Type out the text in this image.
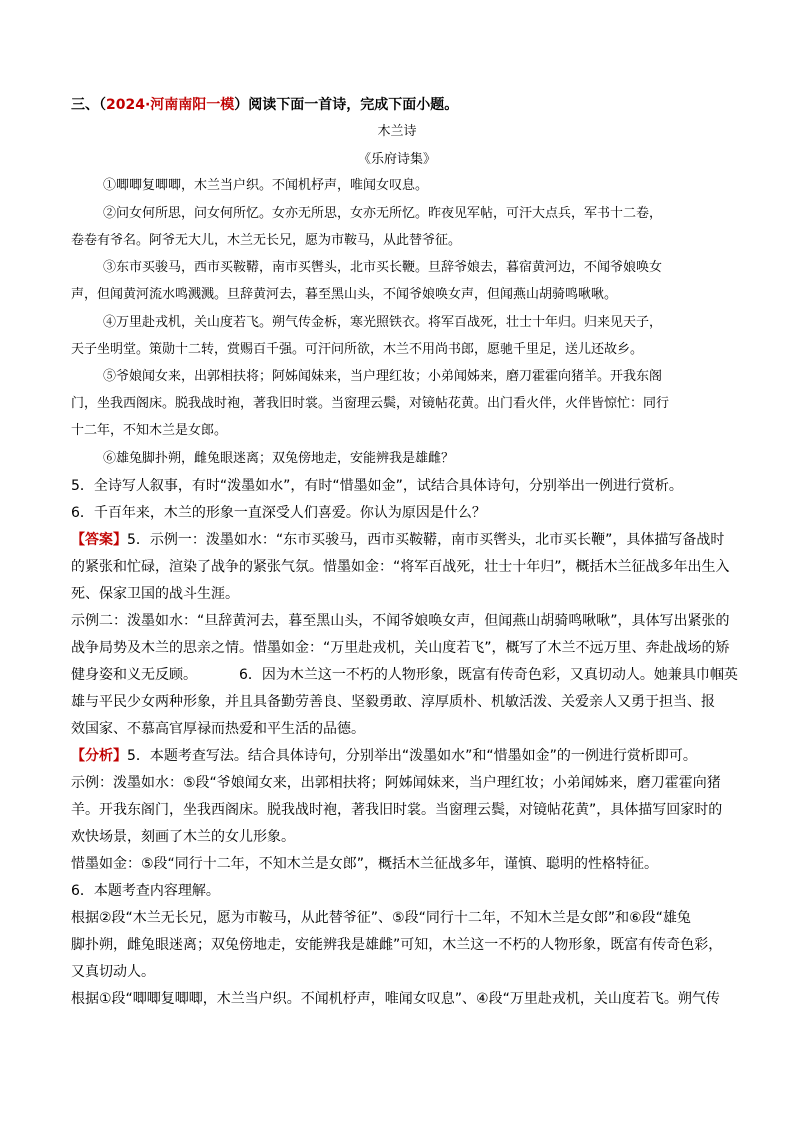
三、（2024·河南南阳一模）阅读下面一首诗，完成下面小题。
木兰诗
《乐府诗集》
①唧唧复唧唧，木兰当户织。不闻机杼声，唯闻女叹息。
②问女何所思，问女何所忆。女亦无所思，女亦无所忆。昨夜见军帖，可汗大点兵，军书十二卷，
卷卷有爷名。阿爷无大儿，木兰无长兄，愿为市鞍马，从此替爷征。
③东市买骏马，西市买鞍鞯，南市买辔头，北市买长鞭。旦辞爷娘去，暮宿黄河边，不闻爷娘唤女
声，但闻黄河流水鸣溅溅。旦辞黄河去，暮至黑山头，不闻爷娘唤女声，但闻燕山胡骑鸣啾啾。
④万里赴戎机，关山度若飞。朔气传金柝，寒光照铁衣。将军百战死，壮士十年归。归来见天子，
天子坐明堂。策勋十二转，赏赐百千强。可汗问所欲，木兰不用尚书郎，愿驰千里足，送儿还故乡。
⑤爷娘闻女来，出郭相扶将；阿姊闻妹来，当户理红妆；小弟闻姊来，磨刀霍霍向猪羊。开我东阁
门，坐我西阁床。脱我战时袍，著我旧时裳。当窗理云鬓，对镜帖花黄。出门看火伴，火伴皆惊忙：同行
十二年，不知木兰是女郎。
⑥雄兔脚扑朔，雌兔眼迷离；双兔傍地走，安能辨我是雄雌？
5．全诗写人叙事，有时“泼墨如水”，有时“惜墨如金”，试结合具体诗句，分别举出一例进行赏析。
6．千百年来，木兰的形象一直深受人们喜爱。你认为原因是什么？
【答案】5．示例一：泼墨如水：“东市买骏马，西市买鞍鞯，南市买辔头，北市买长鞭”，具体描写备战时
的紧张和忙碌，渲染了战争的紧张气氛。惜墨如金：“将军百战死，壮士十年归”，概括木兰征战多年出生入
死、保家卫国的战斗生涯。
示例二：泼墨如水：“旦辞黄河去，暮至黑山头，不闻爷娘唤女声，但闻燕山胡骑鸣啾啾”，具体写出紧张的
战争局势及木兰的思亲之情。惜墨如金：“万里赴戎机，关山度若飞”，概写了木兰不远万里、奔赴战场的矫
健身姿和义无反顾。	6．因为木兰这一不朽的人物形象，既富有传奇色彩，又真切动人。她兼具巾帼英
雄与平民少女两种形象，并且具备勤劳善良、坚毅勇敢、淳厚质朴、机敏活泼、关爱亲人又勇于担当、报
效国家、不慕高官厚禄而热爱和平生活的品德。
【分析】5．本题考查写法。结合具体诗句，分别举出“泼墨如水”和“惜墨如金”的一例进行赏析即可。
示例：泼墨如水：⑤段“爷娘闻女来，出郭相扶将；阿姊闻妹来，当户理红妆；小弟闻姊来，磨刀霍霍向猪
羊。开我东阁门，坐我西阁床。脱我战时袍，著我旧时裳。当窗理云鬓，对镜帖花黄”，具体描写回家时的
欢快场景，刻画了木兰的女儿形象。
惜墨如金：⑤段“同行十二年，不知木兰是女郎”，概括木兰征战多年，谨慎、聪明的性格特征。
6．本题考查内容理解。
根据②段“木兰无长兄，愿为市鞍马，从此替爷征”、⑤段“同行十二年，不知木兰是女郎”和⑥段“雄兔
脚扑朔，雌兔眼迷离；双兔傍地走，安能辨我是雄雌”可知，木兰这一不朽的人物形象，既富有传奇色彩，
又真切动人。
根据①段“唧唧复唧唧，木兰当户织。不闻机杼声，唯闻女叹息”、④段“万里赴戎机，关山度若飞。朔气传
